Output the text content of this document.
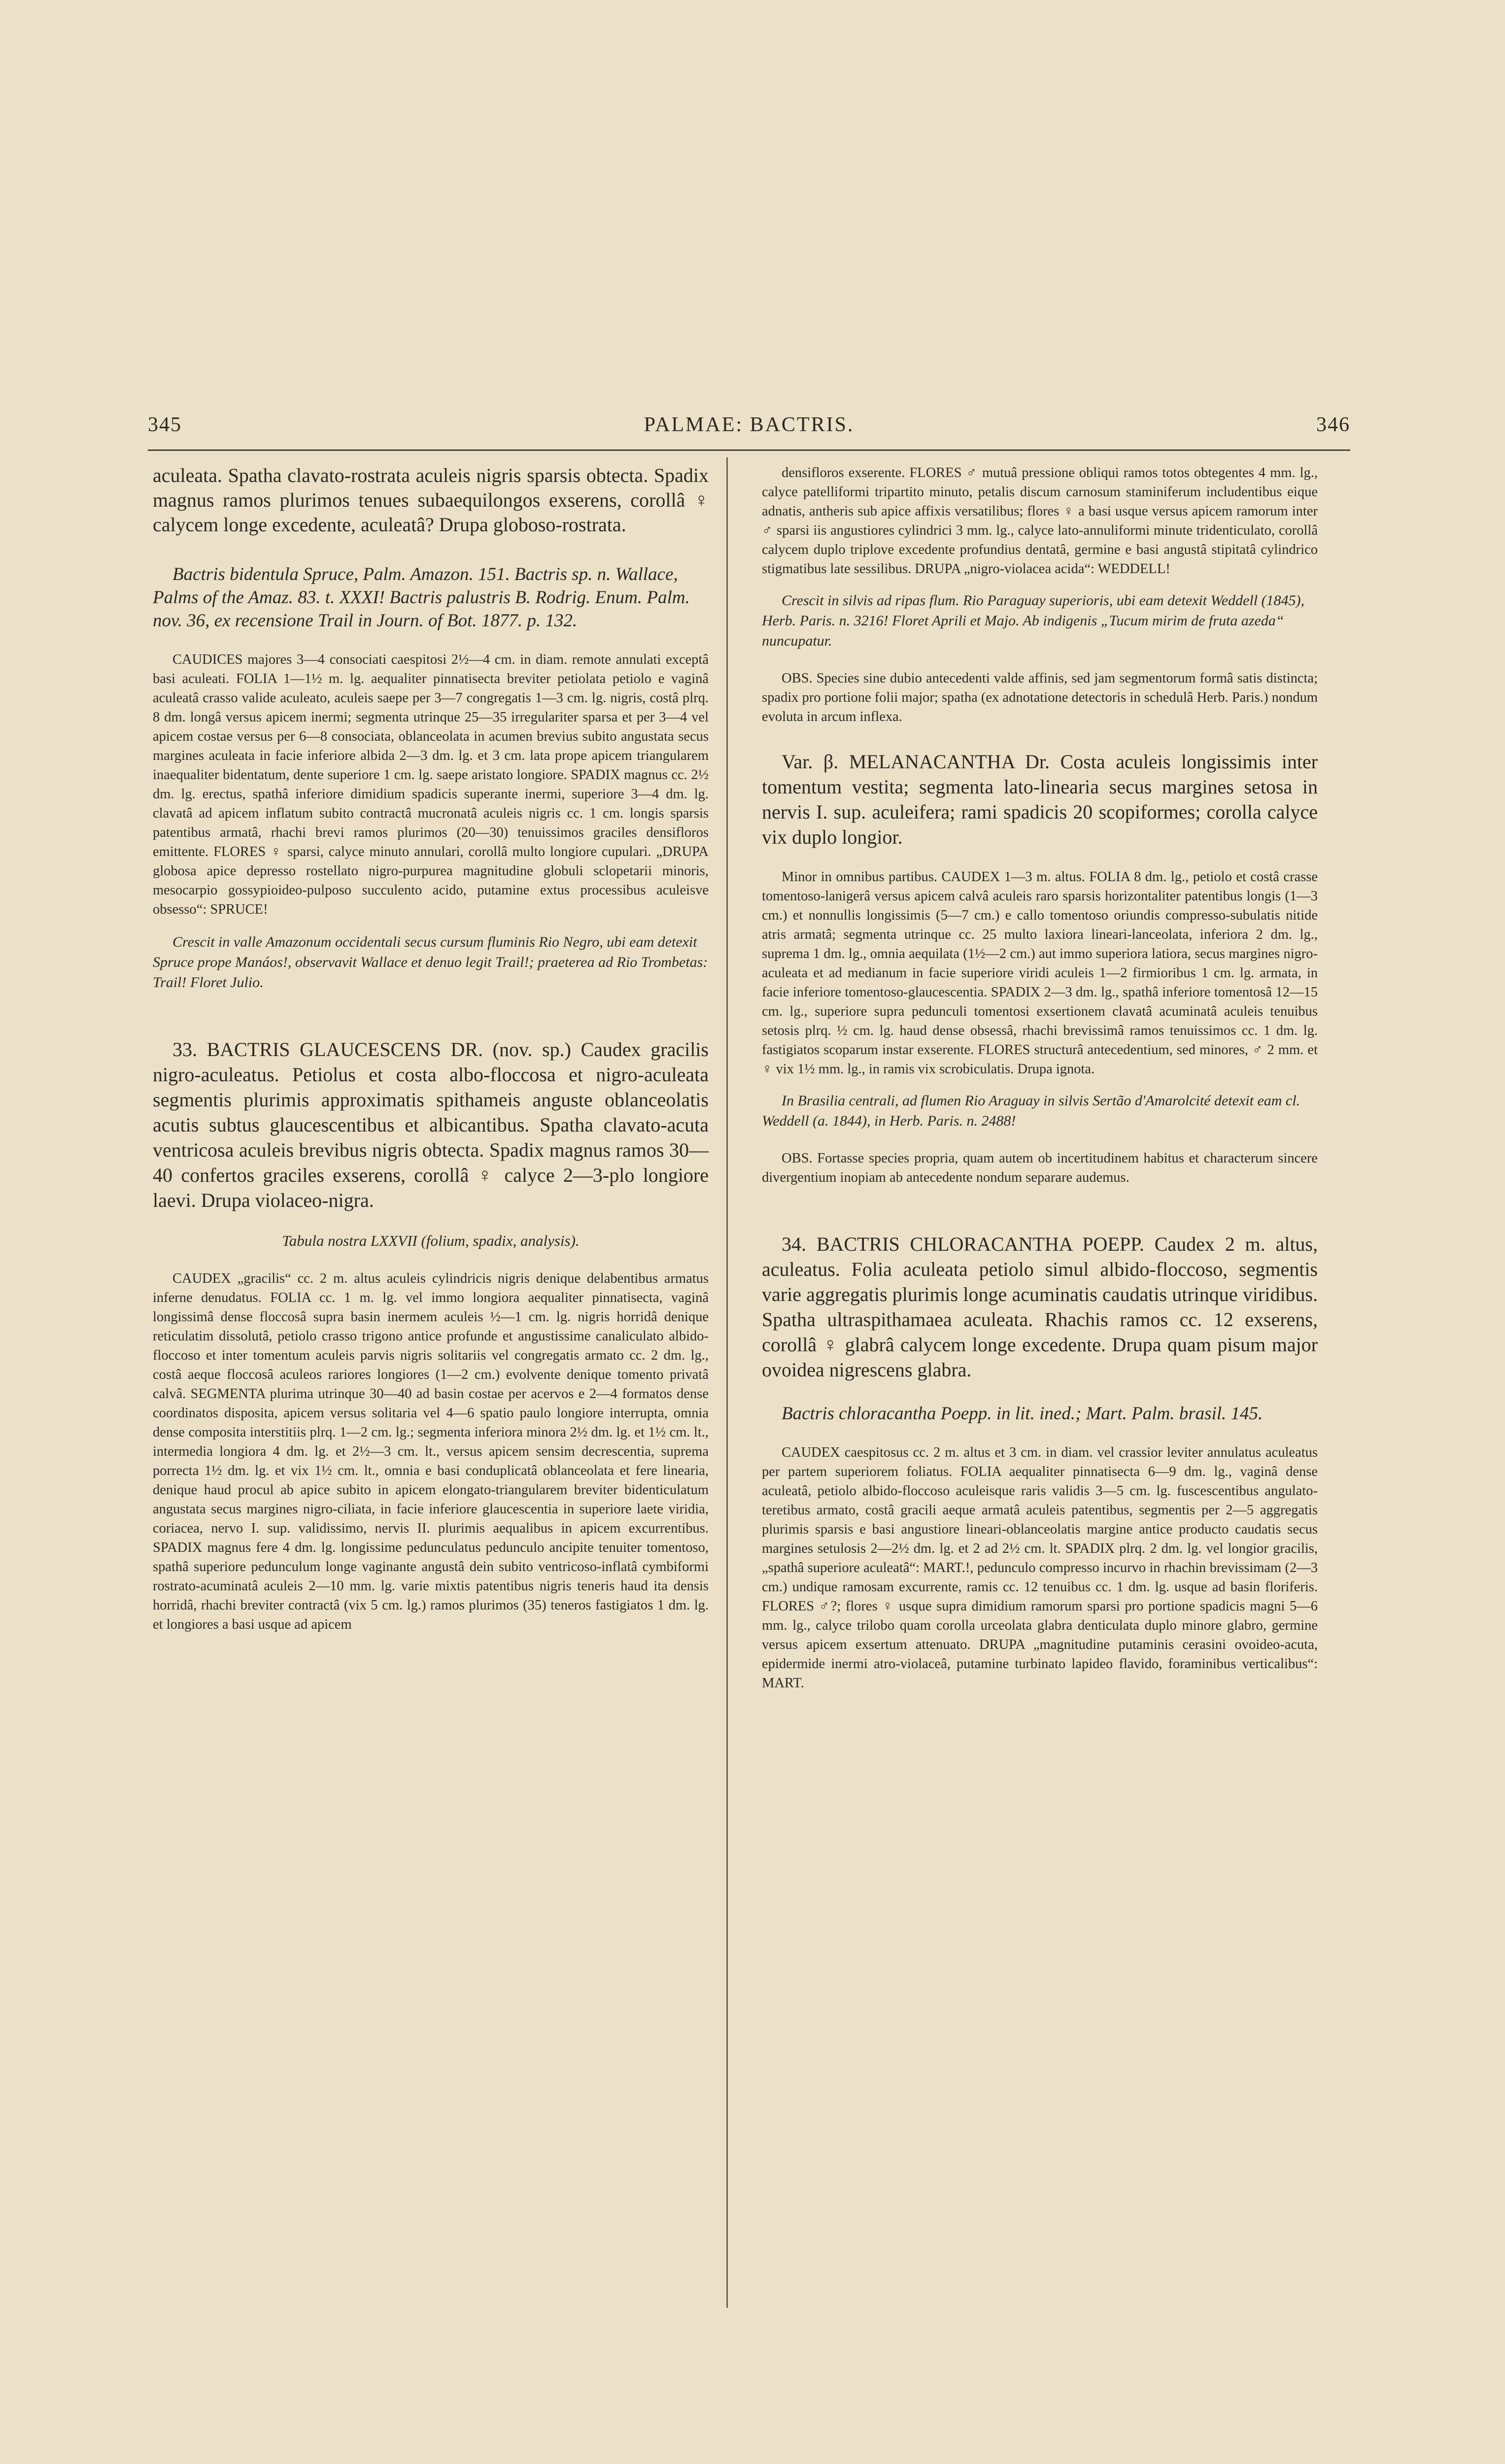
345	PALMAE: BACTRIS.	346

aculeata. Spatha clavato-rostrata aculeis nigris sparsis obtecta. Spadix magnus ramos plurimos tenues subaequilongos exserens, corollâ ♀ calycem longe excedente, aculeatâ? Drupa globoso-rostrata.

Bactris bidentula Spruce, Palm. Amazon. 151. Bactris sp. n. Wallace, Palms of the Amaz. 83. t. XXXI! Bactris palustris B. Rodrig. Enum. Palm. nov. 36, ex recensione Trail in Journ. of Bot. 1877. p. 132.

CAUDICES majores 3—4 consociati caespitosi 2½—4 cm. in diam. remote annulati exceptâ basi aculeati. FOLIA 1—1½ m. lg. aequaliter pinnatisecta breviter petiolata petiolo e vaginâ aculeatâ crasso valide aculeato, aculeis saepe per 3—7 congregatis 1—3 cm. lg. nigris, costâ plrq. 8 dm. longâ versus apicem inermi; segmenta utrinque 25—35 irregulariter sparsa et per 3—4 vel apicem costae versus per 6—8 consociata, oblanceolata in acumen brevius subito angustata secus margines aculeata in facie inferiore albida 2—3 dm. lg. et 3 cm. lata prope apicem triangularem inaequaliter bidentatum, dente superiore 1 cm. lg. saepe aristato longiore. SPADIX magnus cc. 2½ dm. lg. erectus, spathâ inferiore dimidium spadicis superante inermi, superiore 3—4 dm. lg. clavatâ ad apicem inflatum subito contractâ mucronatâ aculeis nigris cc. 1 cm. longis sparsis patentibus armatâ, rhachi brevi ramos plurimos (20—30) tenuissimos graciles densifloros emittente. FLORES ♀ sparsi, calyce minuto annulari, corollâ multo longiore cupulari. „DRUPA globosa apice depresso rostellato nigro-purpurea magnitudine globuli sclopetarii minoris, mesocarpio gossypioideo-pulposo succulento acido, putamine extus processibus aculeisve obsesso“: SPRUCE!

Crescit in valle Amazonum occidentali secus cursum fluminis Rio Negro, ubi eam detexit Spruce prope Manáos!, observavit Wallace et denuo legit Trail!; praeterea ad Rio Trombetas: Trail! Floret Julio.

33. BACTRIS GLAUCESCENS DR. (nov. sp.) Caudex gracilis nigro-aculeatus. Petiolus et costa albo-floccosa et nigro-aculeata segmentis plurimis approximatis spithameis anguste oblanceolatis acutis subtus glaucescentibus et albicantibus. Spatha clavato-acuta ventricosa aculeis brevibus nigris obtecta. Spadix magnus ramos 30—40 confertos graciles exserens, corollâ ♀ calyce 2—3-plo longiore laevi. Drupa violaceo-nigra.

Tabula nostra LXXVII (folium, spadix, analysis).

CAUDEX „gracilis“ cc. 2 m. altus aculeis cylindricis nigris denique delabentibus armatus inferne denudatus. FOLIA cc. 1 m. lg. vel immo longiora aequaliter pinnatisecta, vaginâ longissimâ dense floccosâ supra basin inermem aculeis ½—1 cm. lg. nigris horridâ denique reticulatim dissolutâ, petiolo crasso trigono antice profunde et angustissime canaliculato albido-floccoso et inter tomentum aculeis parvis nigris solitariis vel congregatis armato cc. 2 dm. lg., costâ aeque floccosâ aculeos rariores longiores (1—2 cm.) evolvente denique tomento privatâ calvâ. SEGMENTA plurima utrinque 30—40 ad basin costae per acervos e 2—4 formatos dense coordinatos disposita, apicem versus solitaria vel 4—6 spatio paulo longiore interrupta, omnia dense composita interstitiis plrq. 1—2 cm. lg.; segmenta inferiora minora 2½ dm. lg. et 1½ cm. lt., intermedia longiora 4 dm. lg. et 2½—3 cm. lt., versus apicem sensim decrescentia, suprema porrecta 1½ dm. lg. et vix 1½ cm. lt., omnia e basi conduplicatâ oblanceolata et fere linearia, denique haud procul ab apice subito in apicem elongato-triangularem breviter bidenticulatum angustata secus margines nigro-ciliata, in facie inferiore glaucescentia in superiore laete viridia, coriacea, nervo I. sup. validissimo, nervis II. plurimis aequalibus in apicem excurrentibus. SPADIX magnus fere 4 dm. lg. longissime pedunculatus pedunculo ancipite tenuiter tomentoso, spathâ superiore pedunculum longe vaginante angustâ dein subito ventricoso-inflatâ cymbiformi rostrato-acuminatâ aculeis 2—10 mm. lg. varie mixtis patentibus nigris teneris haud ita densis horridâ, rhachi breviter contractâ (vix 5 cm. lg.) ramos plurimos (35) teneros fastigiatos 1 dm. lg. et longiores a basi usque ad apicem

densifloros exserente. FLORES ♂ mutuâ pressione obliqui ramos totos obtegentes 4 mm. lg., calyce patelliformi tripartito minuto, petalis discum carnosum staminiferum includentibus eique adnatis, antheris sub apice affixis versatilibus; flores ♀ a basi usque versus apicem ramorum inter ♂ sparsi iis angustiores cylindrici 3 mm. lg., calyce lato-annuliformi minute tridenticulato, corollâ calycem duplo triplove excedente profundius dentatâ, germine e basi angustâ stipitatâ cylindrico stigmatibus late sessilibus. DRUPA „nigro-violacea acida“: WEDDELL!

Crescit in silvis ad ripas flum. Rio Paraguay superioris, ubi eam detexit Weddell (1845), Herb. Paris. n. 3216! Floret Aprili et Majo. Ab indigenis „Tucum mirim de fruta azeda“ nuncupatur.

OBS. Species sine dubio antecedenti valde affinis, sed jam segmentorum formâ satis distincta; spadix pro portione folii major; spatha (ex adnotatione detectoris in schedulâ Herb. Paris.) nondum evoluta in arcum inflexa.

Var. β. MELANACANTHA Dr. Costa aculeis longissimis inter tomentum vestita; segmenta lato-linearia secus margines setosa in nervis I. sup. aculeifera; rami spadicis 20 scopiformes; corolla calyce vix duplo longior.

Minor in omnibus partibus. CAUDEX 1—3 m. altus. FOLIA 8 dm. lg., petiolo et costâ crasse tomentoso-lanigerâ versus apicem calvâ aculeis raro sparsis horizontaliter patentibus longis (1—3 cm.) et nonnullis longissimis (5—7 cm.) e callo tomentoso oriundis compresso-subulatis nitide atris armatâ; segmenta utrinque cc. 25 multo laxiora lineari-lanceolata, inferiora 2 dm. lg., suprema 1 dm. lg., omnia aequilata (1½—2 cm.) aut immo superiora latiora, secus margines nigro-aculeata et ad medianum in facie superiore viridi aculeis 1—2 firmioribus 1 cm. lg. armata, in facie inferiore tomentoso-glaucescentia. SPADIX 2—3 dm. lg., spathâ inferiore tomentosâ 12—15 cm. lg., superiore supra pedunculi tomentosi exsertionem clavatâ acuminatâ aculeis tenuibus setosis plrq. ½ cm. lg. haud dense obsessâ, rhachi brevissimâ ramos tenuissimos cc. 1 dm. lg. fastigiatos scoparum instar exserente. FLORES structurâ antecedentium, sed minores, ♂ 2 mm. et ♀ vix 1½ mm. lg., in ramis vix scrobiculatis. Drupa ignota.

In Brasilia centrali, ad flumen Rio Araguay in silvis Sertão d'Amarolcité detexit eam cl. Weddell (a. 1844), in Herb. Paris. n. 2488!

OBS. Fortasse species propria, quam autem ob incertitudinem habitus et characterum sincere divergentium inopiam ab antecedente nondum separare audemus.

34. BACTRIS CHLORACANTHA POEPP. Caudex 2 m. altus, aculeatus. Folia aculeata petiolo simul albido-floccoso, segmentis varie aggregatis plurimis longe acuminatis caudatis utrinque viridibus. Spatha ultraspithamaea aculeata. Rhachis ramos cc. 12 exserens, corollâ ♀ glabrâ calycem longe excedente. Drupa quam pisum major ovoidea nigrescens glabra.

Bactris chloracantha Poepp. in lit. ined.; Mart. Palm. brasil. 145.

CAUDEX caespitosus cc. 2 m. altus et 3 cm. in diam. vel crassior leviter annulatus aculeatus per partem superiorem foliatus. FOLIA aequaliter pinnatisecta 6—9 dm. lg., vaginâ dense aculeatâ, petiolo albido-floccoso aculeisque raris validis 3—5 cm. lg. fuscescentibus angulato-teretibus armato, costâ gracili aeque armatâ aculeis patentibus, segmentis per 2—5 aggregatis plurimis sparsis e basi angustiore lineari-oblanceolatis margine antice producto caudatis secus margines setulosis 2—2½ dm. lg. et 2 ad 2½ cm. lt. SPADIX plrq. 2 dm. lg. vel longior gracilis, „spathâ superiore aculeatâ“: MART.!, pedunculo compresso incurvo in rhachin brevissimam (2—3 cm.) undique ramosam excurrente, ramis cc. 12 tenuibus cc. 1 dm. lg. usque ad basin floriferis. FLORES ♂?; flores ♀ usque supra dimidium ramorum sparsi pro portione spadicis magni 5—6 mm. lg., calyce trilobo quam corolla urceolata glabra denticulata duplo minore glabro, germine versus apicem exsertum attenuato. DRUPA „magnitudine putaminis cerasini ovoideo-acuta, epidermide inermi atro-violaceâ, putamine turbinato lapideo flavido, foraminibus verticalibus“: MART.
